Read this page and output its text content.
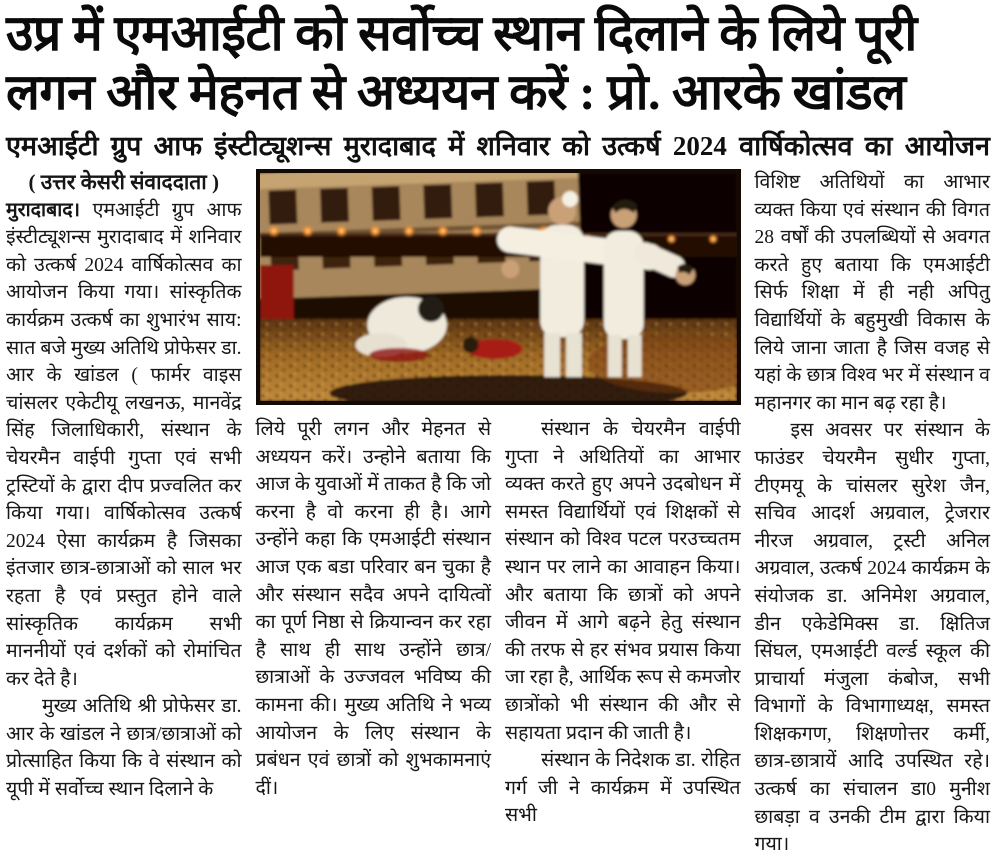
उप्र में एमआईटी को सर्वोच्च स्थान दिलाने के लिये पूरी
लगन और मेहनत से अध्ययन करें : प्रो. आरके खांडल
एमआईटी ग्रुप आफ इंस्टीट्यूशन्स मुरादाबाद में शनिवार को उत्कर्ष 2024 वार्षिकोत्सव का आयोजन

( उत्तर केसरी संवाददाता )

मुरादाबाद। एमआईटी ग्रुप आफ इंस्टीट्यूशन्स मुरादाबाद में शनिवार को उत्कर्ष 2024 वार्षिकोत्सव का आयोजन किया गया। सांस्कृतिक कार्यक्रम उत्कर्ष का शुभारंभ साय: सात बजे मुख्य अतिथि प्रोफेसर डा. आर के खांडल ( फार्मर वाइस चांसलर एकेटीयू लखनऊ, मानवेंद्र सिंह जिलाधिकारी, संस्थान के चेयरमैन वाईपी गुप्ता एवं सभी ट्रस्टियों के द्वारा दीप प्रज्वलित कर किया गया। वार्षिकोत्सव उत्कर्ष 2024 ऐसा कार्यक्रम है जिसका इंतजार छात्र-छात्राओं को साल भर रहता है एवं प्रस्तुत होने वाले सांस्कृतिक कार्यक्रम सभी माननीयों एवं दर्शकों को रोमांचित कर देते है।

मुख्य अतिथि श्री प्रोफेसर डा. आर के खांडल ने छात्र/छात्राओं को प्रोत्साहित किया कि वे संस्थान को यूपी में सर्वोच्च स्थान दिलाने के

लिये पूरी लगन और मेहनत से अध्ययन करें। उन्होने बताया कि आज के युवाओं में ताकत है कि जो करना है वो करना ही है। आगे उन्होंने कहा कि एमआईटी संस्थान आज एक बडा परिवार बन चुका है और संस्थान सदैव अपने दायित्वों का पूर्ण निष्ठा से क्रियान्वन कर रहा है साथ ही साथ उन्होंने छात्र/छात्राओं के उज्जवल भविष्य की कामना की। मुख्य अतिथि ने भव्य आयोजन के लिए संस्थान के प्रबंधन एवं छात्रों को शुभकामनाएं दीं।

संस्थान के चेयरमैन वाईपी गुप्ता ने अथितियों का आभार व्यक्त करते हुए अपने उदबोधन में समस्त विद्यार्थियों एवं शिक्षकों से संस्थान को विश्व पटल परउच्चतम स्थान पर लाने का आवाहन किया। और बताया कि छात्रों को अपने जीवन में आगे बढ़ने हेतु संस्थान की तरफ से हर संभव प्रयास किया जा रहा है, आर्थिक रूप से कमजोर छात्रोंको भी संस्थान की और से सहायता प्रदान की जाती है।

संस्थान के निदेशक डा. रोहित गर्ग जी ने कार्यक्रम में उपस्थित सभी

विशिष्ट अतिथियों का आभार व्यक्त किया एवं संस्थान की विगत 28 वर्षों की उपलब्धियों से अवगत करते हुए बताया कि एमआईटी सिर्फ शिक्षा में ही नही अपितु विद्यार्थियों के बहुमुखी विकास के लिये जाना जाता है जिस वजह से यहां के छात्र विश्व भर में संस्थान व महानगर का मान बढ़ रहा है।

इस अवसर पर संस्थान के फाउंडर चेयरमैन सुधीर गुप्ता, टीएमयू के चांसलर सुरेश जैन, सचिव आदर्श अग्रवाल, ट्रेजरार नीरज अग्रवाल, ट्रस्टी अनिल अग्रवाल, उत्कर्ष 2024 कार्यक्रम के संयोजक डा. अनिमेश अग्रवाल, डीन एकेडेमिक्स डा. क्षितिज सिंघल, एमआईटी वर्ल्ड स्कूल की प्राचार्या मंजुला कंबोज, सभी विभागों के विभागाध्यक्ष, समस्त शिक्षकगण, शिक्षणोत्तर कर्मी, छात्र-छात्रायें आदि उपस्थित रहे। उत्कर्ष का संचालन डा0 मुनीश छाबड़ा व उनकी टीम द्वारा किया गया।
